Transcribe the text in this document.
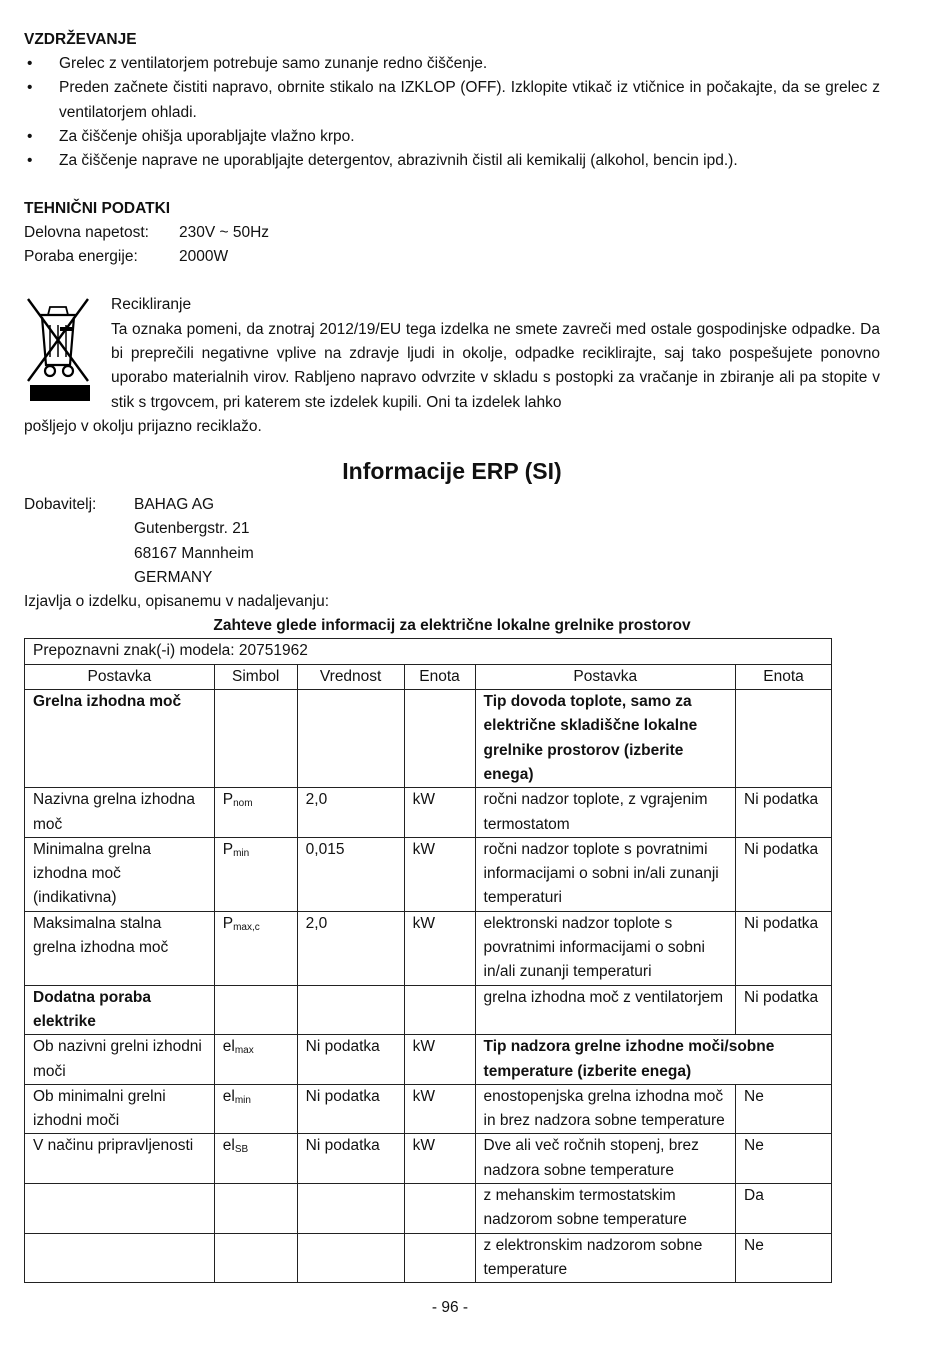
VZDRŽEVANJE
• Grelec z ventilatorjem potrebuje samo zunanje redno čiščenje.
• Preden začnete čistiti napravo, obrnite stikalo na IZKLOP (OFF). Izklopite vtikač iz vtičnice in počakajte, da se grelec z ventilatorjem ohladi.
• Za čiščenje ohišja uporabljajte vlažno krpo.
• Za čiščenje naprave ne uporabljajte detergentov, abrazivnih čistil ali kemikalij (alkohol, bencin ipd.).
TEHNIČNI PODATKI
Delovna napetost: 230V ~ 50Hz
Poraba energije:	2000W

Recikliranje

Ta oznaka pomeni, da znotraj 2012/19/EU tega izdelka ne smete zavreči med ostale gospodinjske odpadke. Da bi preprečili negativne vplive na zdravje ljudi in okolje, odpadke reciklirajte, saj tako pospešujete ponovno uporabo materialnih virov. Rabljeno napravo odvrzite v skladu s postopki za vračanje in zbiranje ali pa stopite v stik s trgovcem, pri katerem ste izdelek kupili. Oni ta izdelek lahko

pošljejo v okolju prijazno reciklažo.
Informacije ERP (SI)
Dobavitelj: BAHAG AG
Gutenbergstr. 21
68167 Mannheim
GERMANY
Izjavlja o izdelku, opisanemu v nadaljevanju:
Zahteve glede informacij za električne lokalne grelnike prostorov
Prepoznavni znak(-i) modela: 20751962					
Postavka	Simbol	Vrednost	Enota	Postavka	Enota
Grelna izhodna moč				Tip dovoda toplote, samo za električne skladiščne lokalne grelnike prostorov (izberite enega)	
Nazivna grelna izhodna moč	$P_{nom}$	2,0	kW	ročni nadzor toplote, z vgrajenim termostatom	Ni podatka
Minimalna grelna izhodna moč (indikativna)	$P_{min}$	0,015	kW	ročni nadzor toplote s povratnimi informacijami o sobni in/ali zunanji temperaturi	Ni podatka
Maksimalna stalna grelna izhodna moč	$P_{max,c}$	2,0	kW	elektronski nadzor toplote s povratnimi informacijami o sobni in/ali zunanji temperaturi	Ni podatka
Dodatna poraba elektrike				grelna izhodna moč z ventilatorjem	Ni podatka
Ob nazivni grelni izhodni moči	$el_{max}$	Ni podatka	kW	Tip nadzora grelne izhodne moči/sobne temperature (izberite enega)	
Ob minimalni grelni izhodni moči	$el_{min}$	Ni podatka	kW	enostopenjska grelna izhodna moč in brez nadzora sobne temperature	Ne
V načinu pripravljenosti	$el_{SB}$	Ni podatka	kW	Dve ali več ročnih stopenj, brez nadzora sobne temperature	Ne
				z mehanskim termostatskim nadzorom sobne temperature	Da
				z elektronskim nadzorom sobne temperature	Ne
- 96 -
